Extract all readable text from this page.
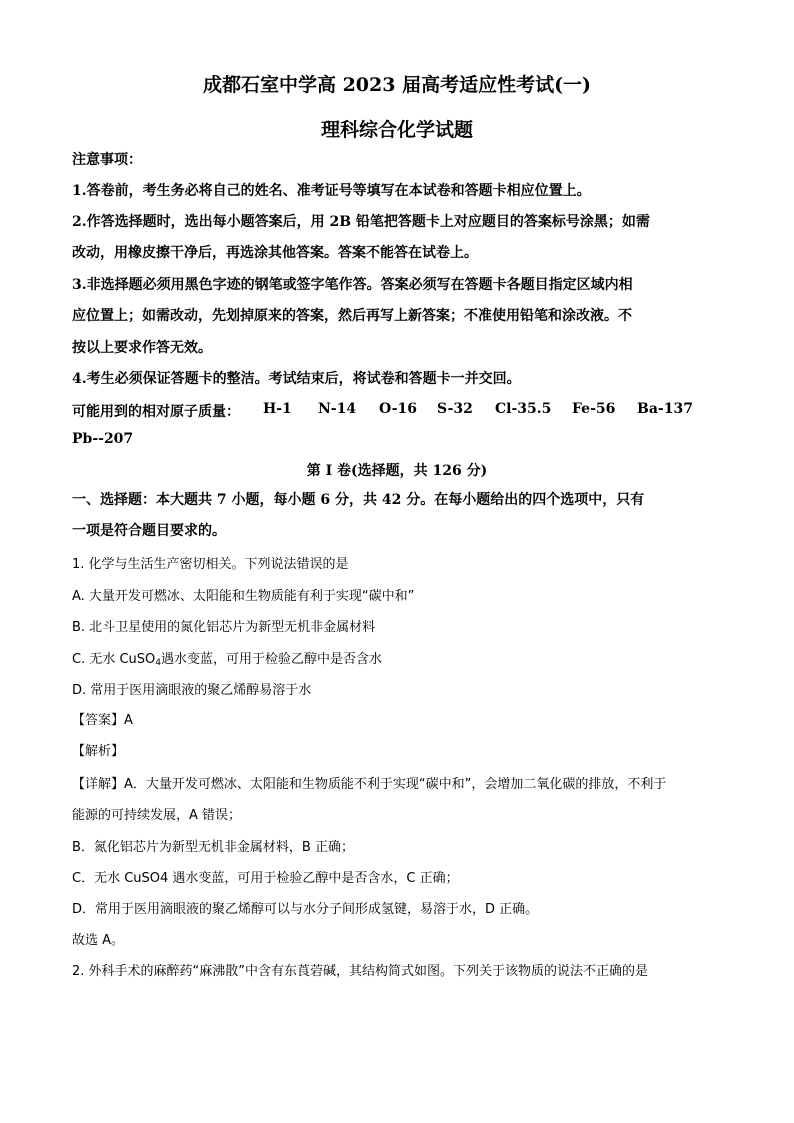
成都石室中学高 2023 届高考适应性考试(一)
理科综合化学试题
注意事项：
1.答卷前，考生务必将自己的姓名、准考证号等填写在本试卷和答题卡相应位置上。
2.作答选择题时，选出每小题答案后，用 2B 铅笔把答题卡上对应题目的答案标号涂黑；如需
改动，用橡皮擦干净后，再选涂其他答案。答案不能答在试卷上。
3.非选择题必须用黑色字迹的钢笔或签字笔作答。答案必须写在答题卡各题目指定区域内相
应位置上；如需改动，先划掉原来的答案，然后再写上新答案；不准使用铅笔和涂改液。不
按以上要求作答无效。
4.考生必须保证答题卡的整洁。考试结束后，将试卷和答题卡一并交回。
可能用到的相对原子质量： H-1 N-14 O-16 S-32 Cl-35.5 Fe-56 Ba-137
Pb--207
第 I 卷(选择题，共 126 分)
一、选择题：本大题共 7 小题，每小题 6 分，共 42 分。在每小题给出的四个选项中，只有
一项是符合题目要求的。
1. 化学与生活生产密切相关。下列说法错误的是
A. 大量开发可燃冰、太阳能和生物质能有利于实现“碳中和”
B. 北斗卫星使用的氮化铝芯片为新型无机非金属材料
C. 无水 CuSO$_4$遇水变蓝，可用于检验乙醇中是否含水
D. 常用于医用滴眼液的聚乙烯醇易溶于水
【答案】A
【解析】
【详解】A．大量开发可燃冰、太阳能和生物质能不利于实现“碳中和”，会增加二氧化碳的排放，不利于
能源的可持续发展，A 错误；
B．氮化铝芯片为新型无机非金属材料，B 正确；
C．无水 CuSO4 遇水变蓝，可用于检验乙醇中是否含水，C 正确；
D．常用于医用滴眼液的聚乙烯醇可以与水分子间形成氢键，易溶于水，D 正确。
故选 A。
2. 外科手术的麻醉药“麻沸散”中含有东莨菪碱，其结构简式如图。下列关于该物质的说法不正确的是
